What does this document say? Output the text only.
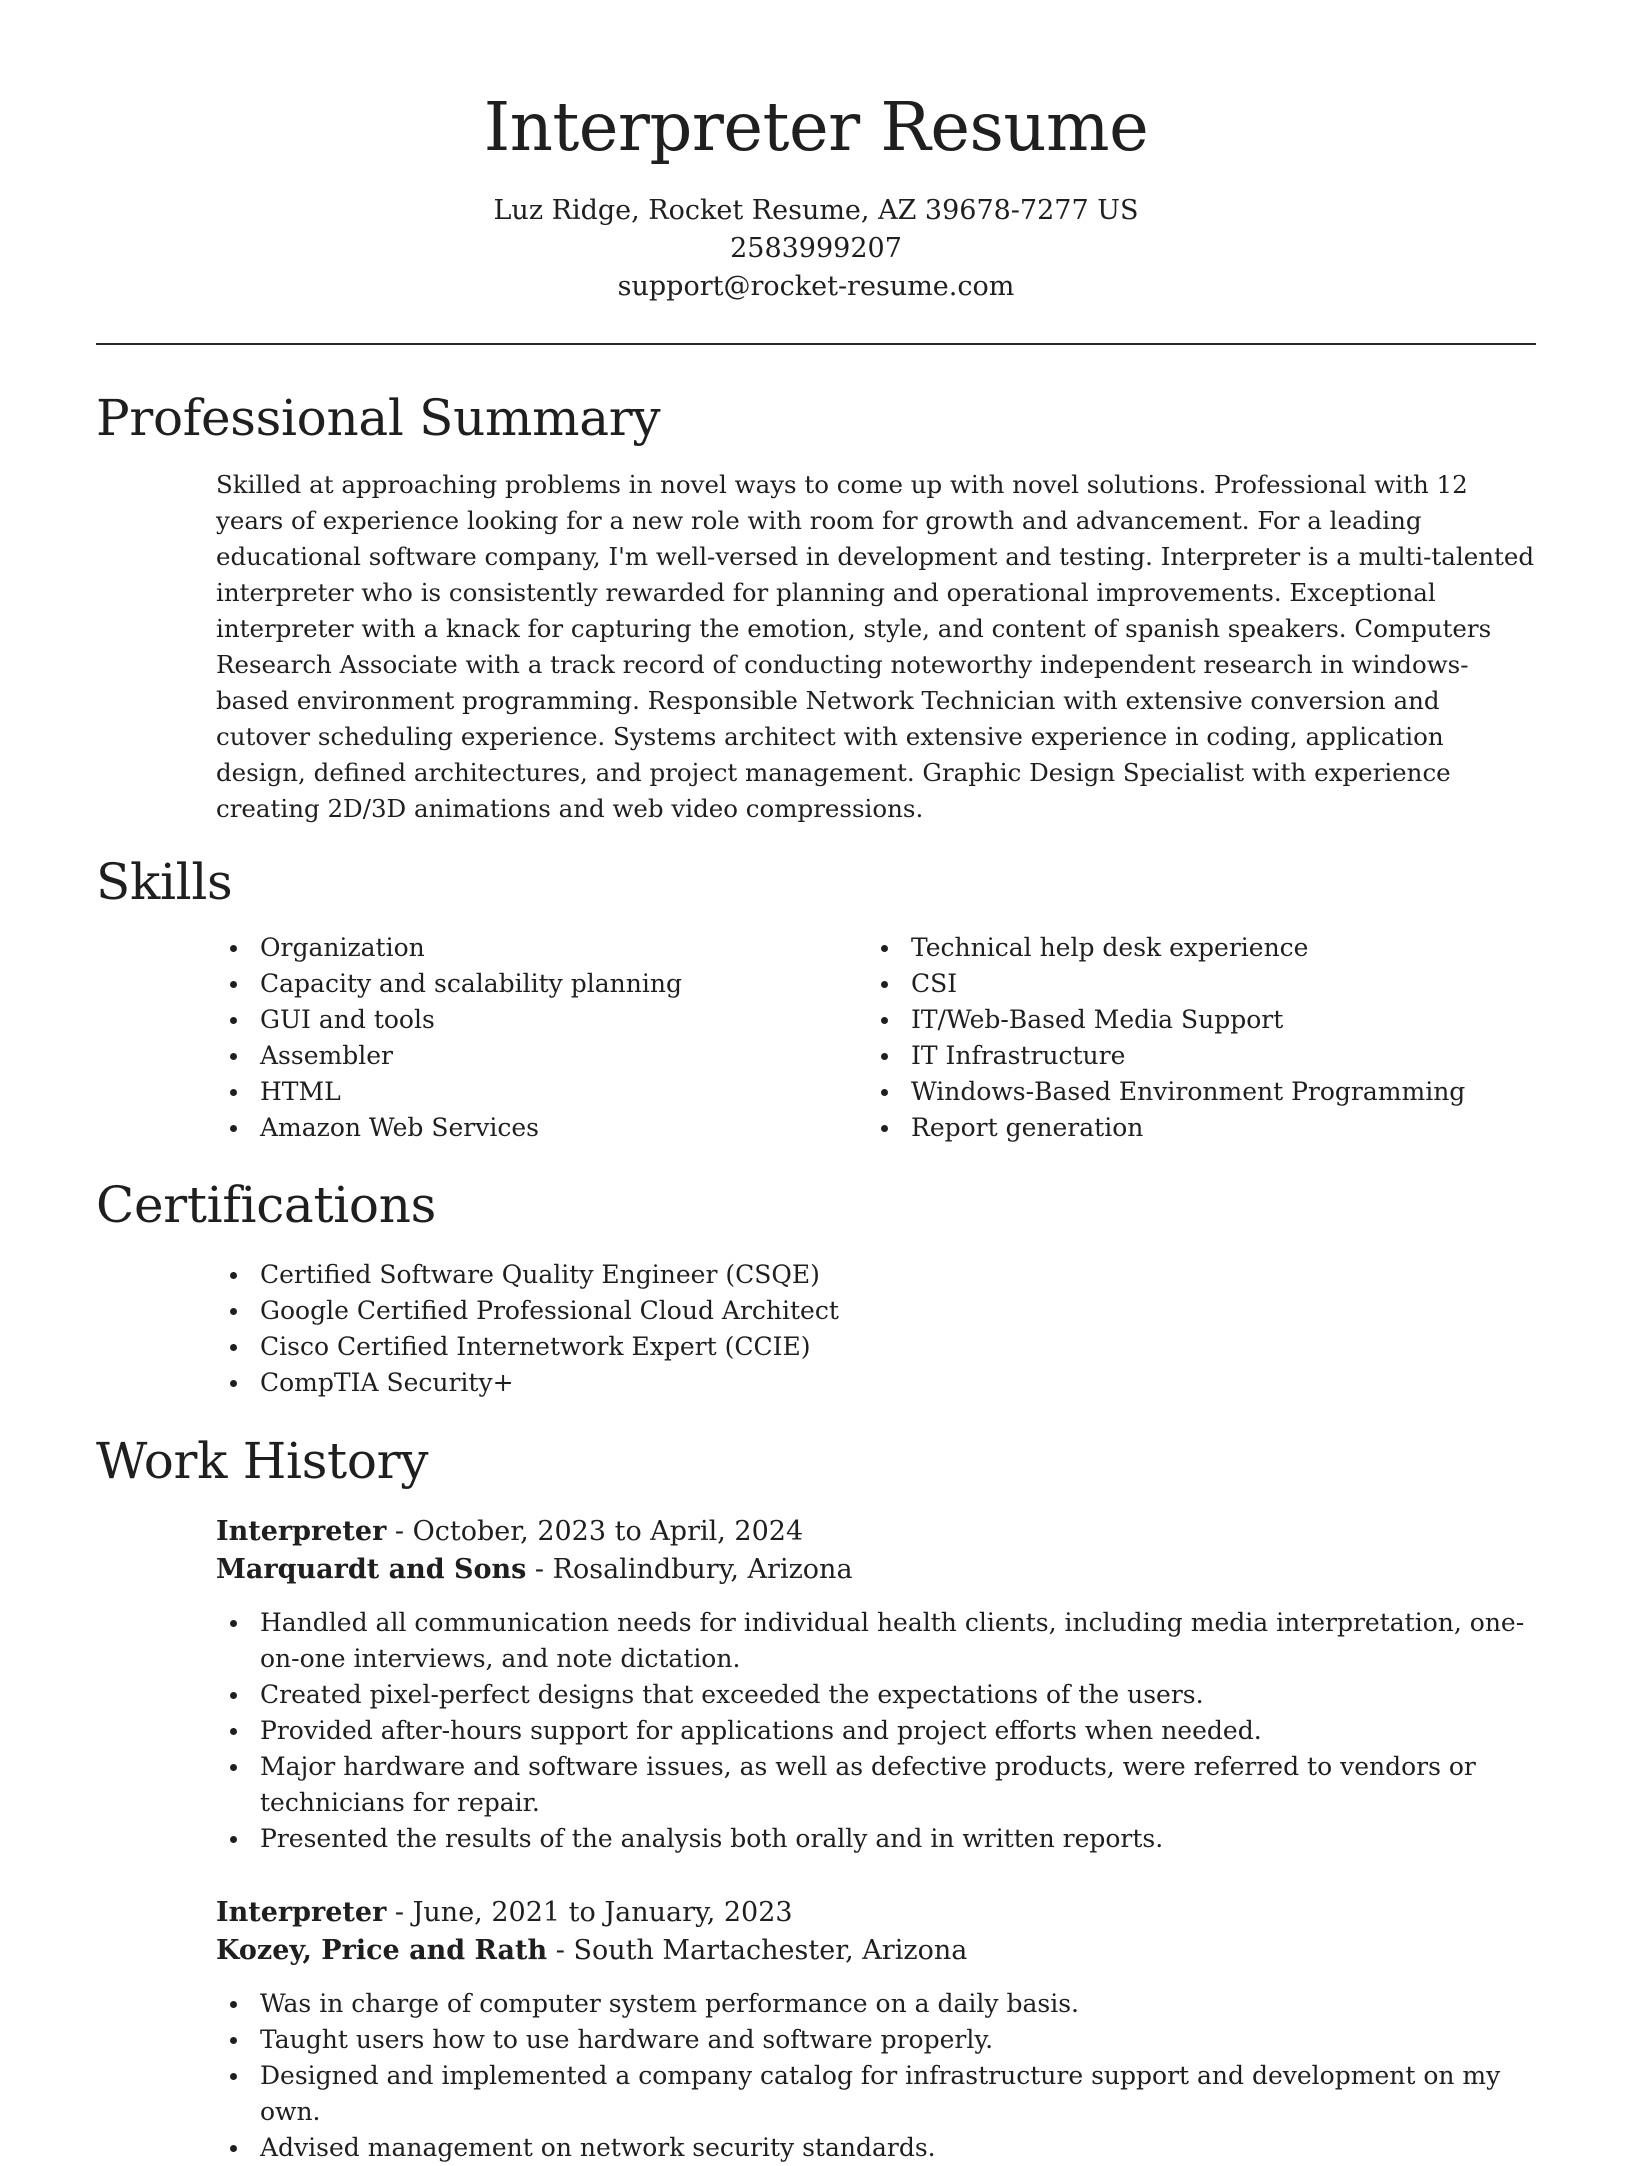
Interpreter Resume
Luz Ridge, Rocket Resume, AZ 39678-7277 US
2583999207
support@rocket-resume.com
Professional Summary

Skilled at approaching problems in novel ways to come up with novel solutions. Professional with 12 years of experience looking for a new role with room for growth and advancement. For a leading educational software company, I'm well-versed in development and testing. Interpreter is a multi-talented interpreter who is consistently rewarded for planning and operational improvements. Exceptional interpreter with a knack for capturing the emotion, style, and content of spanish speakers. Computers Research Associate with a track record of conducting noteworthy independent research in windows-based environment programming. Responsible Network Technician with extensive conversion and cutover scheduling experience. Systems architect with extensive experience in coding, application design, defined architectures, and project management. Graphic Design Specialist with experience creating 2D/3D animations and web video compressions.

Skills
Organization
Capacity and scalability planning
GUI and tools
Assembler
HTML
Amazon Web Services
Technical help desk experience
CSI
IT/Web-Based Media Support
IT Infrastructure
Windows-Based Environment Programming
Report generation
Certifications
Certified Software Quality Engineer (CSQE)
Google Certified Professional Cloud Architect
Cisco Certified Internetwork Expert (CCIE)
CompTIA Security+
Work History
Interpreter - October, 2023 to April, 2024
Marquardt and Sons - Rosalindbury, Arizona
Handled all communication needs for individual health clients, including media interpretation, one-on-one interviews, and note dictation.
Created pixel-perfect designs that exceeded the expectations of the users.
Provided after-hours support for applications and project efforts when needed.
Major hardware and software issues, as well as defective products, were referred to vendors or technicians for repair.
Presented the results of the analysis both orally and in written reports.
Interpreter - June, 2021 to January, 2023
Kozey, Price and Rath - South Martachester, Arizona
Was in charge of computer system performance on a daily basis.
Taught users how to use hardware and software properly.
Designed and implemented a company catalog for infrastructure support and development on my own.
Advised management on network security standards.
